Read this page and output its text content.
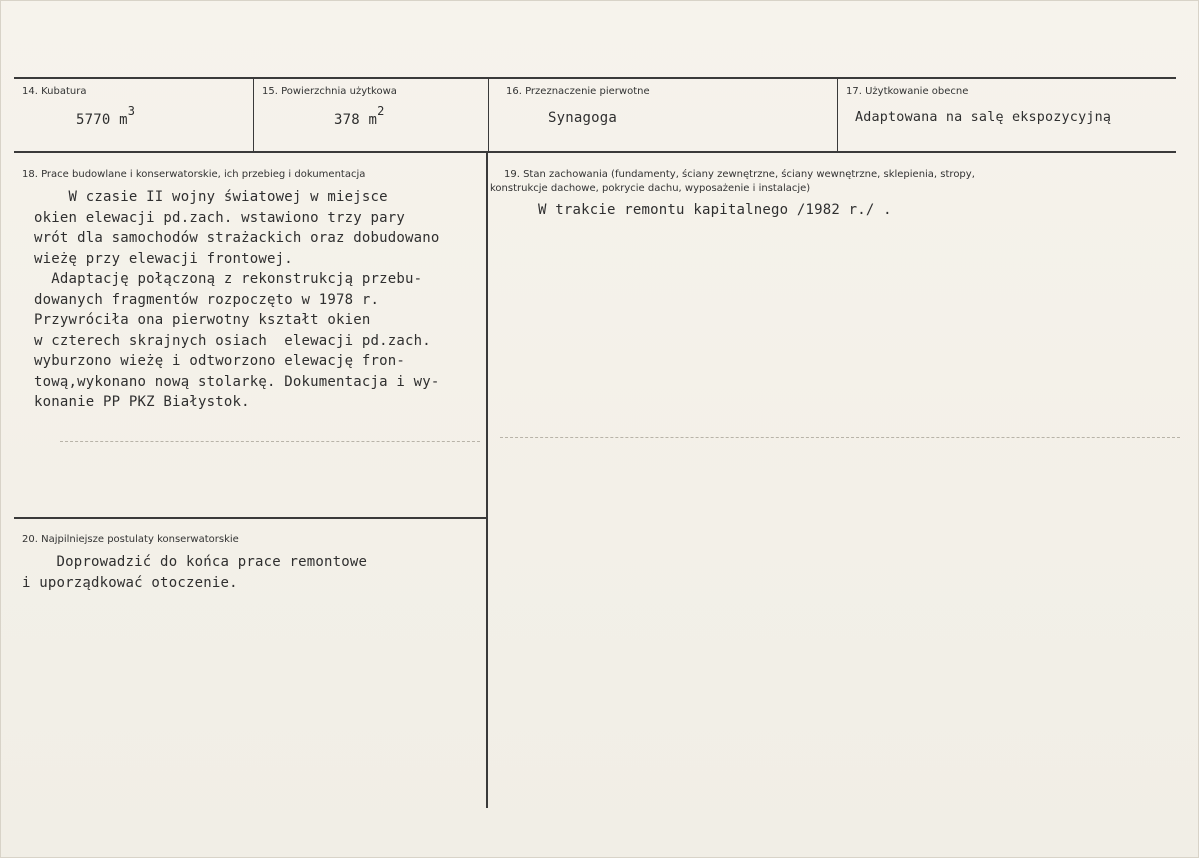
14. Kubatura
5770 m3
15. Powierzchnia użytkowa
378 m2
16. Przeznaczenie pierwotne
Synagoga
17. Użytkowanie obecne
Adaptowana na salę ekspozycyjną
18. Prace budowlane i konserwatorskie, ich przebieg i dokumentacja
W czasie II wojny światowej w miejsce
okien elewacji pd.zach. wstawiono trzy pary
wrót dla samochodów strażackich oraz dobudowano
wieżę przy elewacji frontowej.
Adaptację połączoną z rekonstrukcją przebu-
dowanych fragmentów rozpoczęto w 1978 r.
Przywróciła ona pierwotny kształt okien
w czterech skrajnych osiach  elewacji pd.zach.
wyburzono wieżę i odtworzono elewację fron-
tową,wykonano nową stolarkę. Dokumentacja i wy-
konanie PP PKZ Białystok.
19. Stan zachowania (fundamenty, ściany zewnętrzne, ściany wewnętrzne, sklepienia, stropy,
konstrukcje dachowe, pokrycie dachu, wyposażenie i instalacje)
W trakcie remontu kapitalnego /1982 r./ .
20. Najpilniejsze postulaty konserwatorskie
Doprowadzić do końca prace remontowe
i uporządkować otoczenie.
